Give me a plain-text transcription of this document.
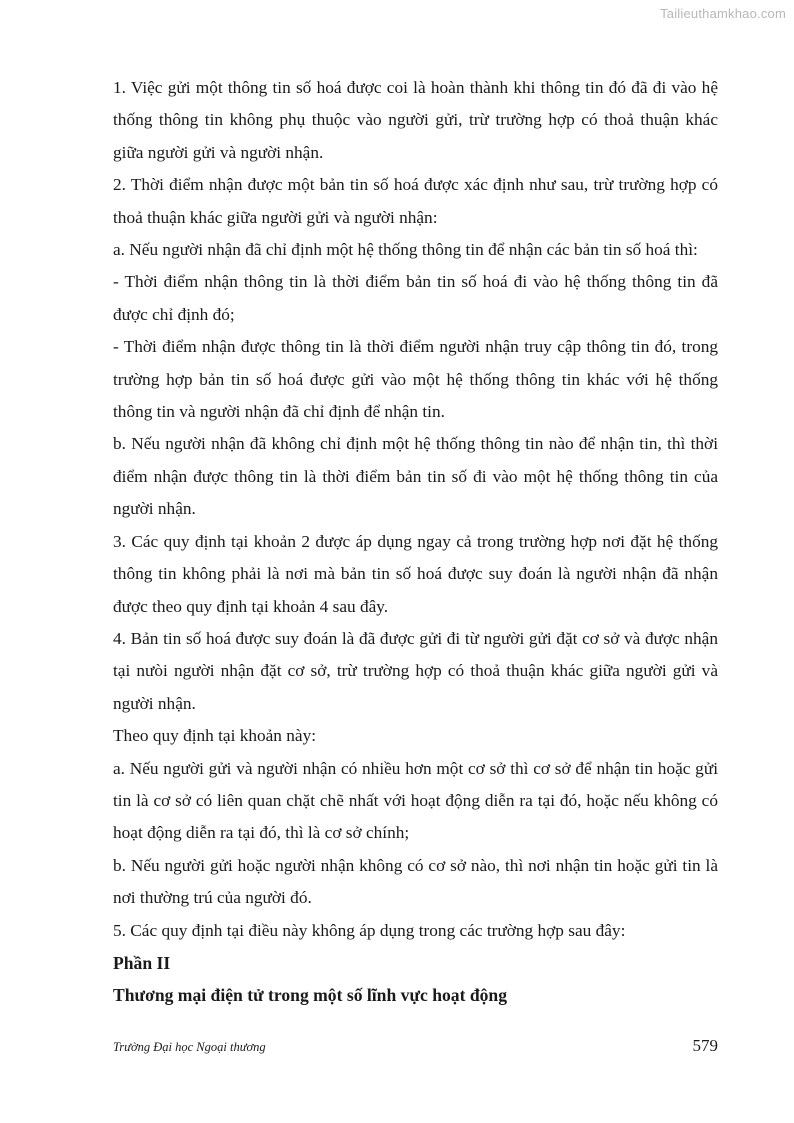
Tailieuthamkhao.com

1. Việc gửi một thông tin số hoá được coi là hoàn thành khi thông tin đó đã đi vào hệ thống thông tin không phụ thuộc vào người gửi, trừ trường hợp có thoả thuận khác giữa người gửi và người nhận.

2. Thời điểm nhận được một bản tin số hoá được xác định như sau, trừ trường hợp có thoả thuận khác giữa người gửi và người nhận:

a. Nếu người nhận đã chỉ định một hệ thống thông tin để nhận các bản tin số hoá thì:

- Thời điểm nhận thông tin là thời điểm bản tin số hoá đi vào hệ thống thông tin đã được chỉ định đó;

- Thời điểm nhận được thông tin là thời điểm người nhận truy cập thông tin đó, trong trường hợp bản tin số hoá được gửi vào một hệ thống thông tin khác với hệ thống thông tin và người nhận đã chỉ định để nhận tin.

b. Nếu người nhận đã không chỉ định một hệ thống thông tin nào để nhận tin, thì thời điểm nhận được thông tin là thời điểm bản tin số đi vào một hệ thống thông tin của người nhận.

3. Các quy định tại khoản 2 được áp dụng ngay cả trong trường hợp nơi đặt hệ thống thông tin không phải là nơi mà bản tin số hoá được suy đoán là người nhận đã nhận được theo quy định tại khoản 4 sau đây.

4. Bản tin số hoá được suy đoán là đã được gửi đi từ người gửi đặt cơ sở và được nhận tại nưòi người nhận đặt cơ sở, trừ trường hợp có thoả thuận khác giữa người gửi và người nhận.

Theo quy định tại khoản này:

a. Nếu người gửi và người nhận có nhiều hơn một cơ sở thì cơ sở để nhận tin hoặc gửi tin là cơ sở có liên quan chặt chẽ nhất với hoạt động diễn ra tại đó, hoặc nếu không có hoạt động diễn ra tại đó, thì là cơ sở chính;

b. Nếu người gửi hoặc người nhận không có cơ sở nào, thì nơi nhận tin hoặc gửi tin là nơi thường trú của người đó.

5. Các quy định tại điều này không áp dụng trong các trường hợp sau đây:

Phần II

Thương mại điện tử trong một số lĩnh vực hoạt động

Trường Đại học Ngoại thương	579
